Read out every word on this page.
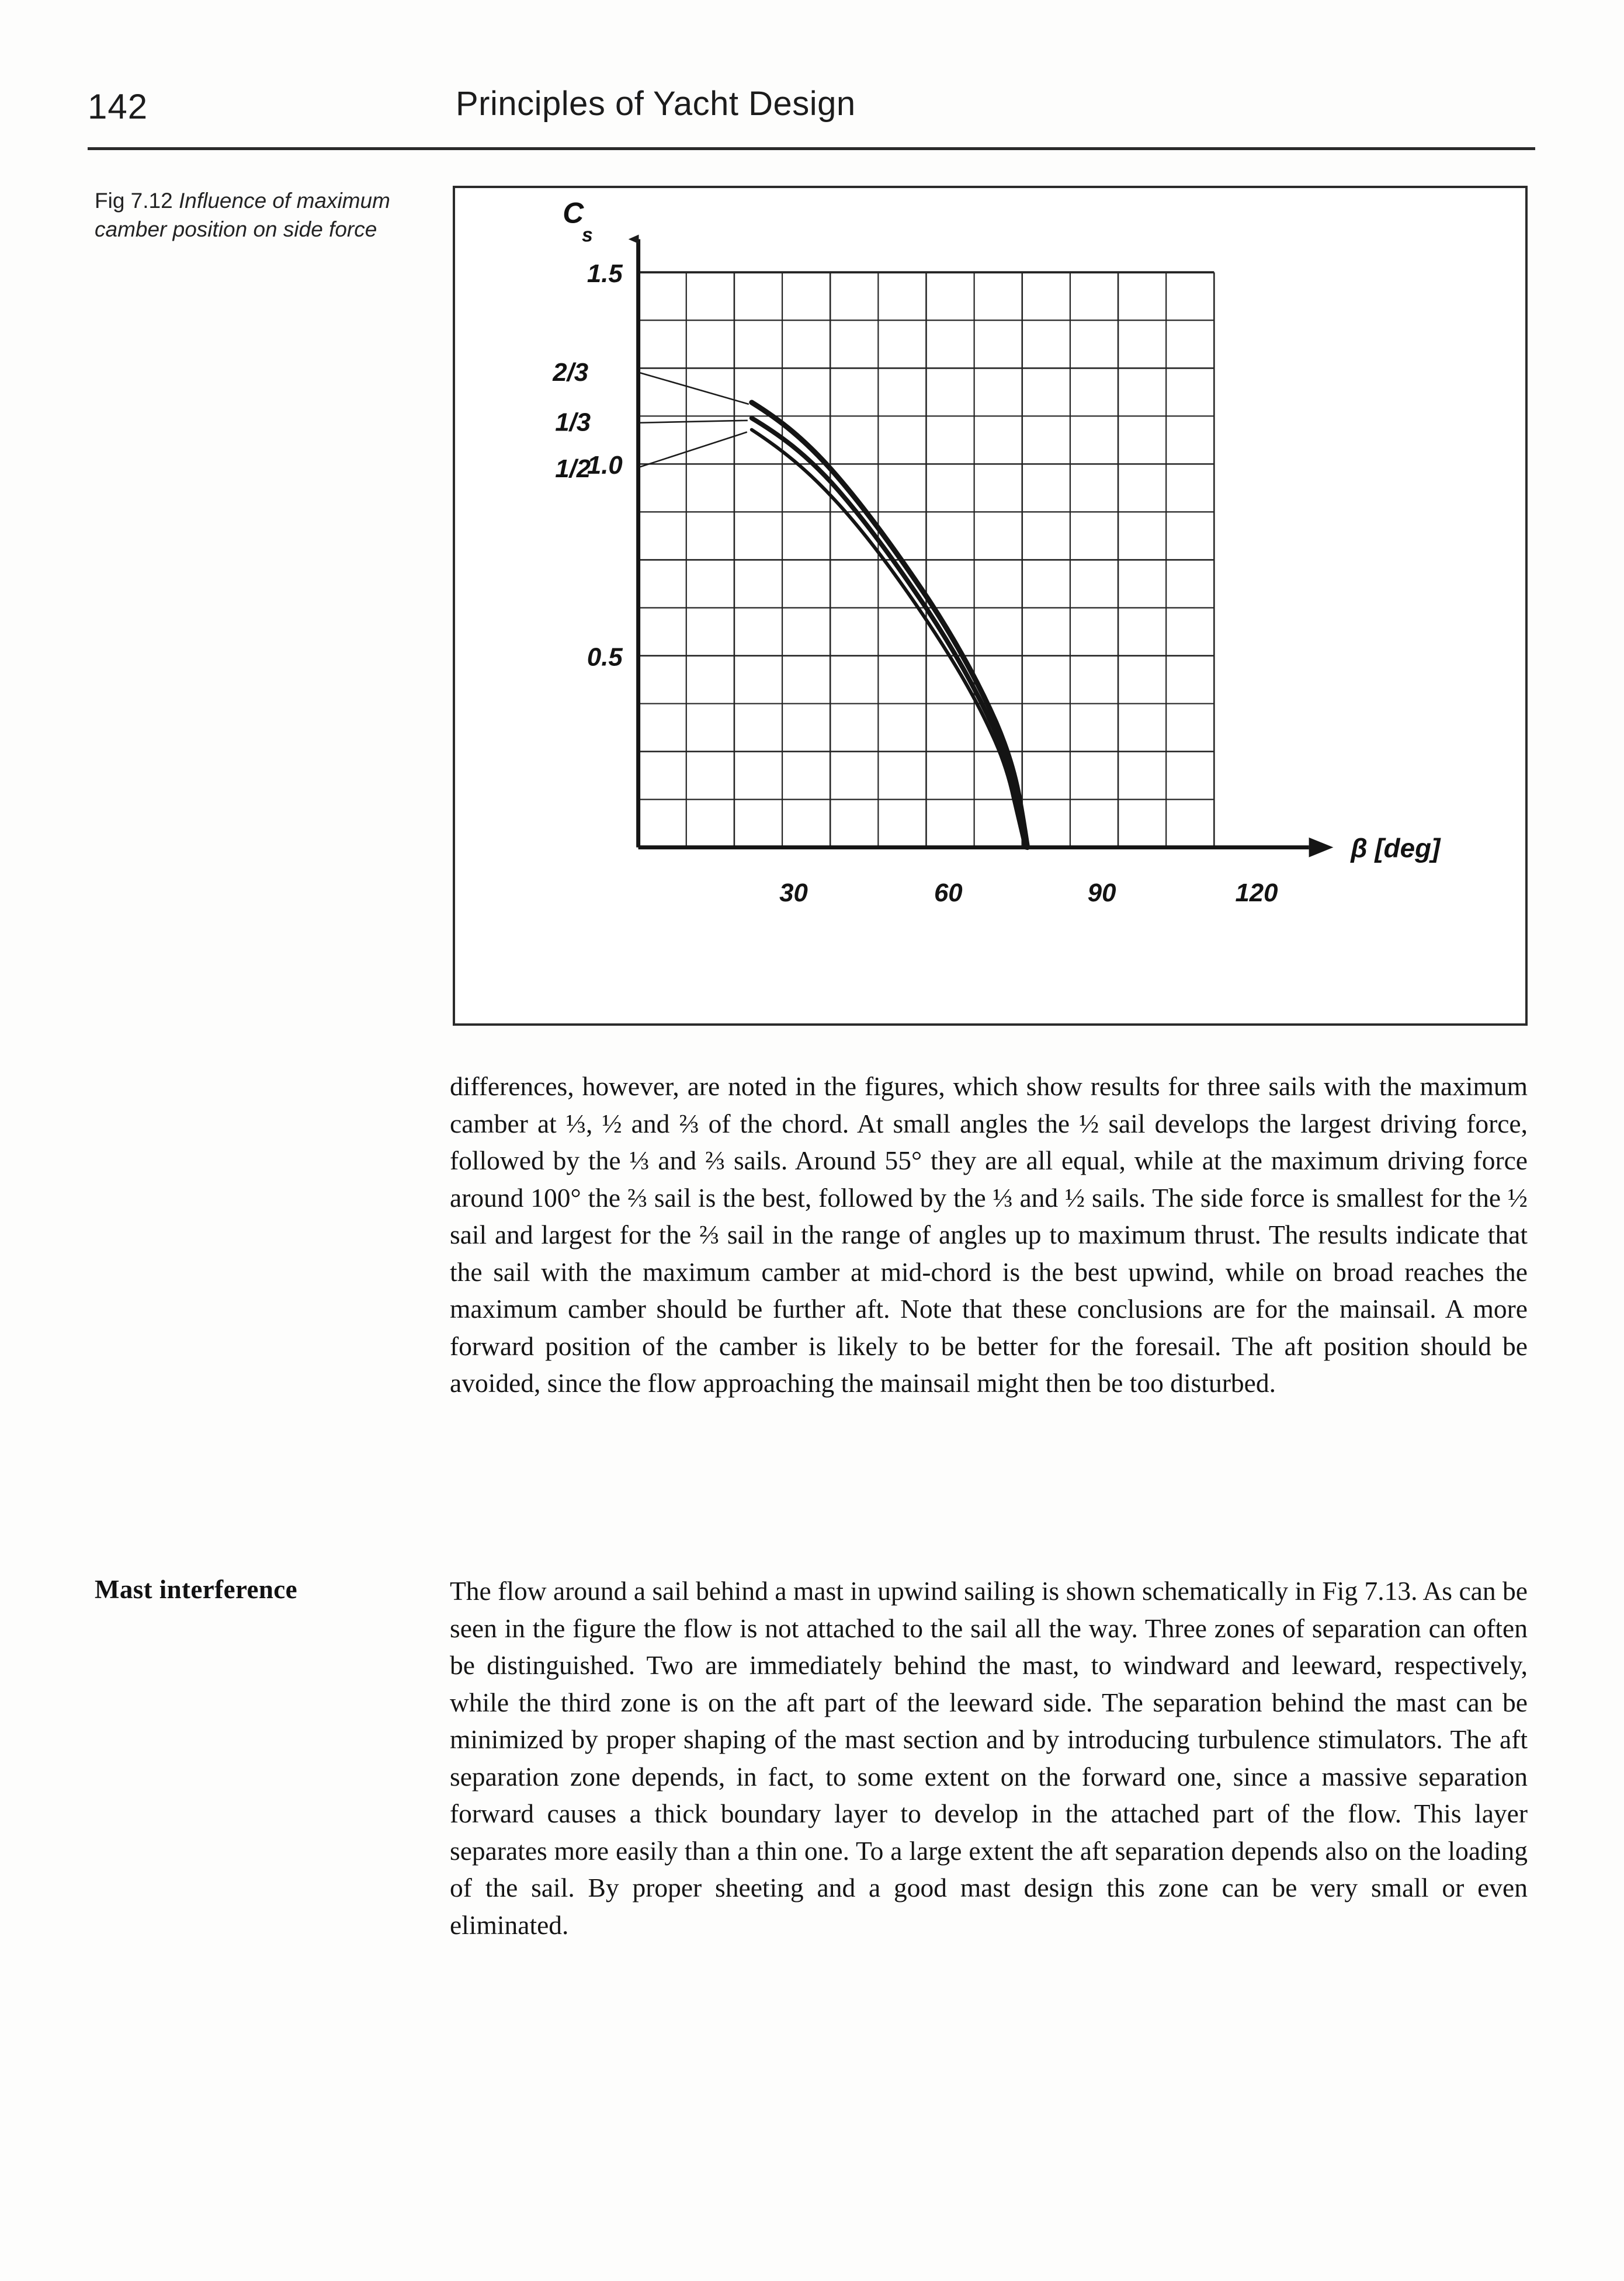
142	Principles of Yacht Design
Fig 7.12 Influence of maximum camber position on side force
2/3
1/3
1/2
C
s
β [deg]
1.5
1.0
0.5
30	60	90	120

differences, however, are noted in the figures, which show results for three sails with the maximum camber at ⅓, ½ and ⅔ of the chord. At small angles the ½ sail develops the largest driving force, followed by the ⅓ and ⅔ sails. Around 55° they are all equal, while at the maximum driving force around 100° the ⅔ sail is the best, followed by the ⅓ and ½ sails. The side force is smallest for the ½ sail and largest for the ⅔ sail in the range of angles up to maximum thrust. The results indicate that the sail with the maximum camber at mid-chord is the best upwind, while on broad reaches the maximum camber should be further aft. Note that these conclusions are for the mainsail. A more forward position of the camber is likely to be better for the foresail. The aft position should be avoided, since the flow approaching the mainsail might then be too disturbed.

Mast interference	The flow around a sail behind a mast in upwind sailing is shown schematically in Fig 7.13. As can be seen in the figure the flow is not attached to the sail all the way. Three zones of separation can often be distinguished. Two are immediately behind the mast, to windward and leeward, respectively, while the third zone is on the aft part of the leeward side. The separation behind the mast can be minimized by proper shaping of the mast section and by introducing turbulence stimulators. The aft separation zone depends, in fact, to some extent on the forward one, since a massive separation forward causes a thick boundary layer to develop in the attached part of the flow. This layer separates more easily than a thin one. To a large extent the aft separation depends also on the loading of the sail. By proper sheeting and a good mast design this zone can be very small or even eliminated.
